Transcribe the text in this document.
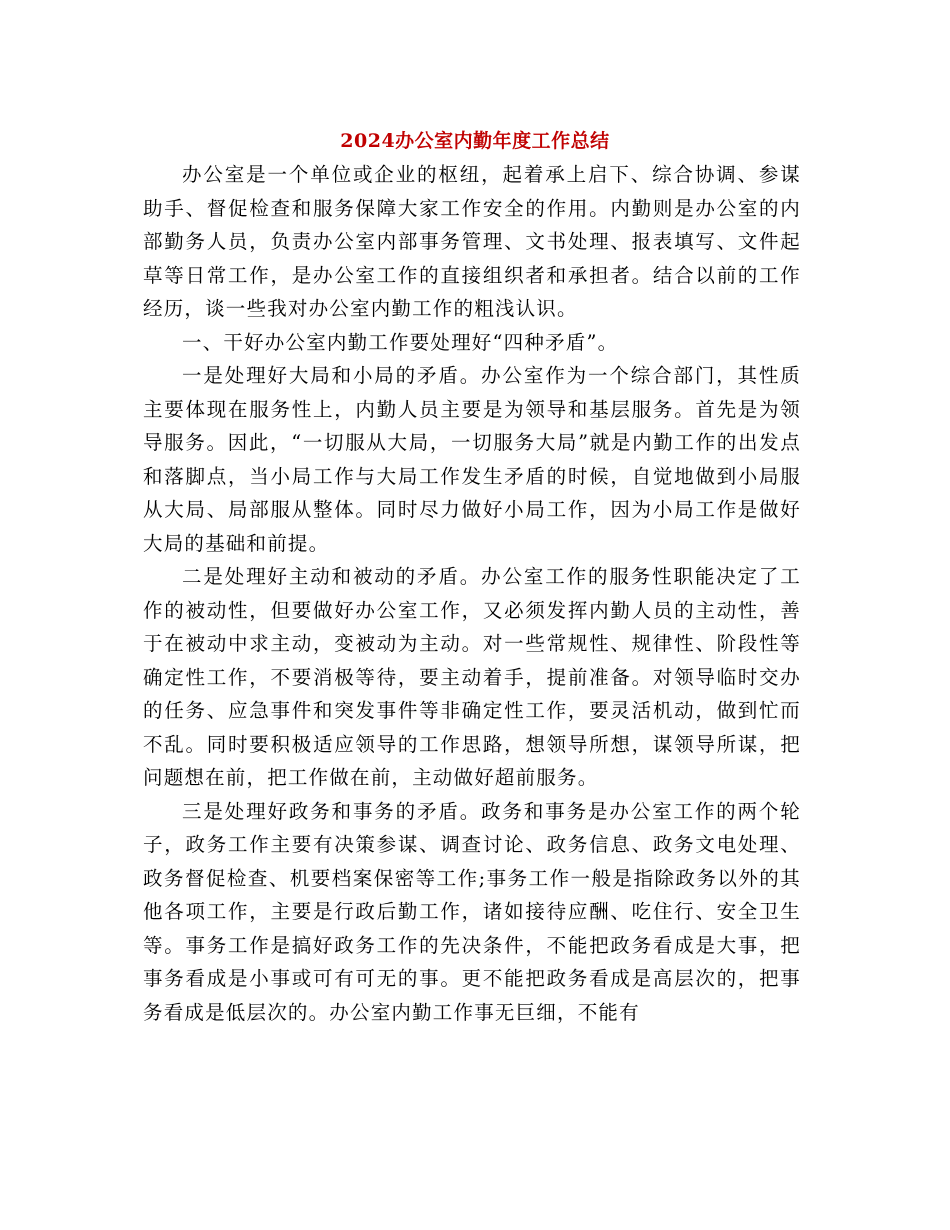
2024办公室内勤年度工作总结

办公室是一个单位或企业的枢纽，起着承上启下、综合协调、参谋助手、督促检查和服务保障大家工作安全的作用。内勤则是办公室的内部勤务人员，负责办公室内部事务管理、文书处理、报表填写、文件起草等日常工作，是办公室工作的直接组织者和承担者。结合以前的工作经历，谈一些我对办公室内勤工作的粗浅认识。

一、干好办公室内勤工作要处理好“四种矛盾”。

一是处理好大局和小局的矛盾。办公室作为一个综合部门，其性质主要体现在服务性上，内勤人员主要是为领导和基层服务。首先是为领导服务。因此，“一切服从大局，一切服务大局”就是内勤工作的出发点和落脚点，当小局工作与大局工作发生矛盾的时候，自觉地做到小局服从大局、局部服从整体。同时尽力做好小局工作，因为小局工作是做好大局的基础和前提。

二是处理好主动和被动的矛盾。办公室工作的服务性职能决定了工作的被动性，但要做好办公室工作，又必须发挥内勤人员的主动性，善于在被动中求主动，变被动为主动。对一些常规性、规律性、阶段性等确定性工作，不要消极等待，要主动着手，提前准备。对领导临时交办的任务、应急事件和突发事件等非确定性工作，要灵活机动，做到忙而不乱。同时要积极适应领导的工作思路，想领导所想，谋领导所谋，把问题想在前，把工作做在前，主动做好超前服务。

三是处理好政务和事务的矛盾。政务和事务是办公室工作的两个轮子，政务工作主要有决策参谋、调查讨论、政务信息、政务文电处理、政务督促检查、机要档案保密等工作;事务工作一般是指除政务以外的其他各项工作，主要是行政后勤工作，诸如接待应酬、吃住行、安全卫生等。事务工作是搞好政务工作的先决条件，不能把政务看成是大事，把事务看成是小事或可有可无的事。更不能把政务看成是高层次的，把事务看成是低层次的。办公室内勤工作事无巨细，不能有
